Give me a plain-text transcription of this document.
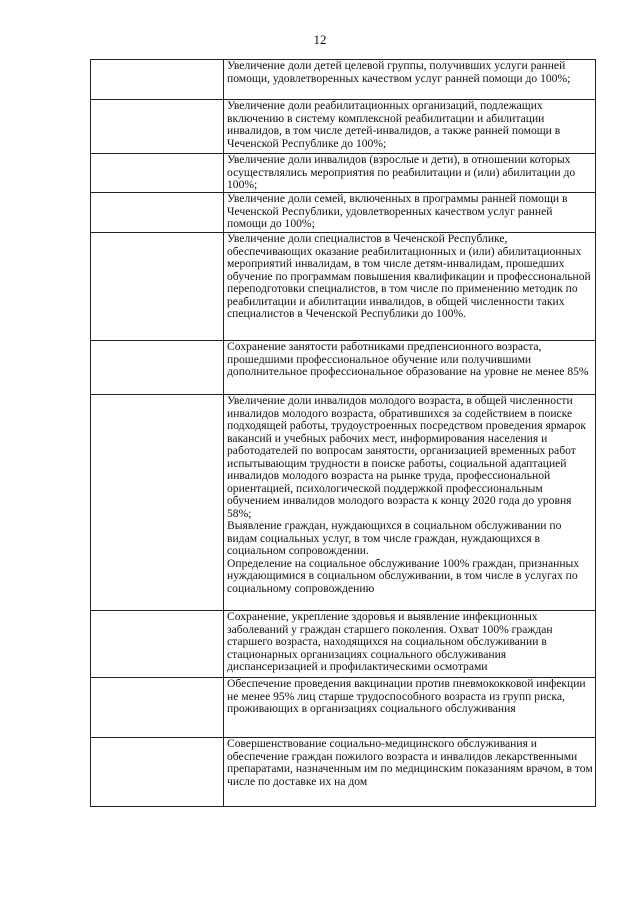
12

	Увеличение доли детей целевой группы, получивших услуги ранней помощи, удовлетворенных качеством услуг ранней помощи до 100%;

	Увеличение доли реабилитационных организаций, подлежащих включению в систему комплексной реабилитации и абилитации инвалидов, в том числе детей-инвалидов, а также ранней помощи в Чеченской Республике до 100%;

	Увеличение доли инвалидов (взрослые и дети), в отношении которых осуществлялись мероприятия по реабилитации и (или) абилитации до 100%;

	Увеличение доли семей, включенных в программы ранней помощи в Чеченской Республики, удовлетворенных качеством услуг ранней помощи до 100%;

	Увеличение доли специалистов в Чеченской Республике, обеспечивающих оказание реабилитационных и (или) абилитационных мероприятий инвалидам, в том числе детям-инвалидам, прошедших обучение по программам повышения квалификации и профессиональной переподготовки специалистов, в том числе по применению методик по реабилитации и абилитации инвалидов, в общей численности таких специалистов в Чеченской Республики до 100%.

	Сохранение занятости работниками предпенсионного возраста, прошедшими профессиональное обучение или получившими дополнительное профессиональное образование на уровне не менее 85%

	Увеличение доли инвалидов молодого возраста, в общей численности инвалидов молодого возраста, обратившихся за содействием в поиске подходящей работы, трудоустроенных посредством проведения ярмарок вакансий и учебных рабочих мест, информирования населения и работодателей по вопросам занятости, организацией временных работ испытывающим трудности в поиске работы, социальной адаптацией инвалидов молодого возраста на рынке труда, профессиональной ориентацией, психологической поддержкой профессиональным обучением инвалидов молодого возраста к концу 2020 года до уровня 58%;
Выявление граждан, нуждающихся в социальном обслуживании по видам социальных услуг, в том числе граждан, нуждающихся в социальном сопровождении.
Определение на социальное обслуживание 100% граждан, признанных нуждающимися в социальном обслуживании, в том числе в услугах по социальному сопровождению

	Сохранение, укрепление здоровья и выявление инфекционных заболеваний у граждан старшего поколения. Охват 100% граждан старшего возраста, находящихся на социальном обслуживании в стационарных организациях социального обслуживания диспансеризацией и профилактическими осмотрами

	Обеспечение проведения вакцинации против пневмококковой инфекции не менее 95% лиц старше трудоспособного возраста из групп риска, проживающих в организациях социального обслуживания

	Совершенствование социально-медицинского обслуживания и обеспечение граждан пожилого возраста и инвалидов лекарственными препаратами, назначенным им по медицинским показаниям врачом, в том числе по доставке их на дом
